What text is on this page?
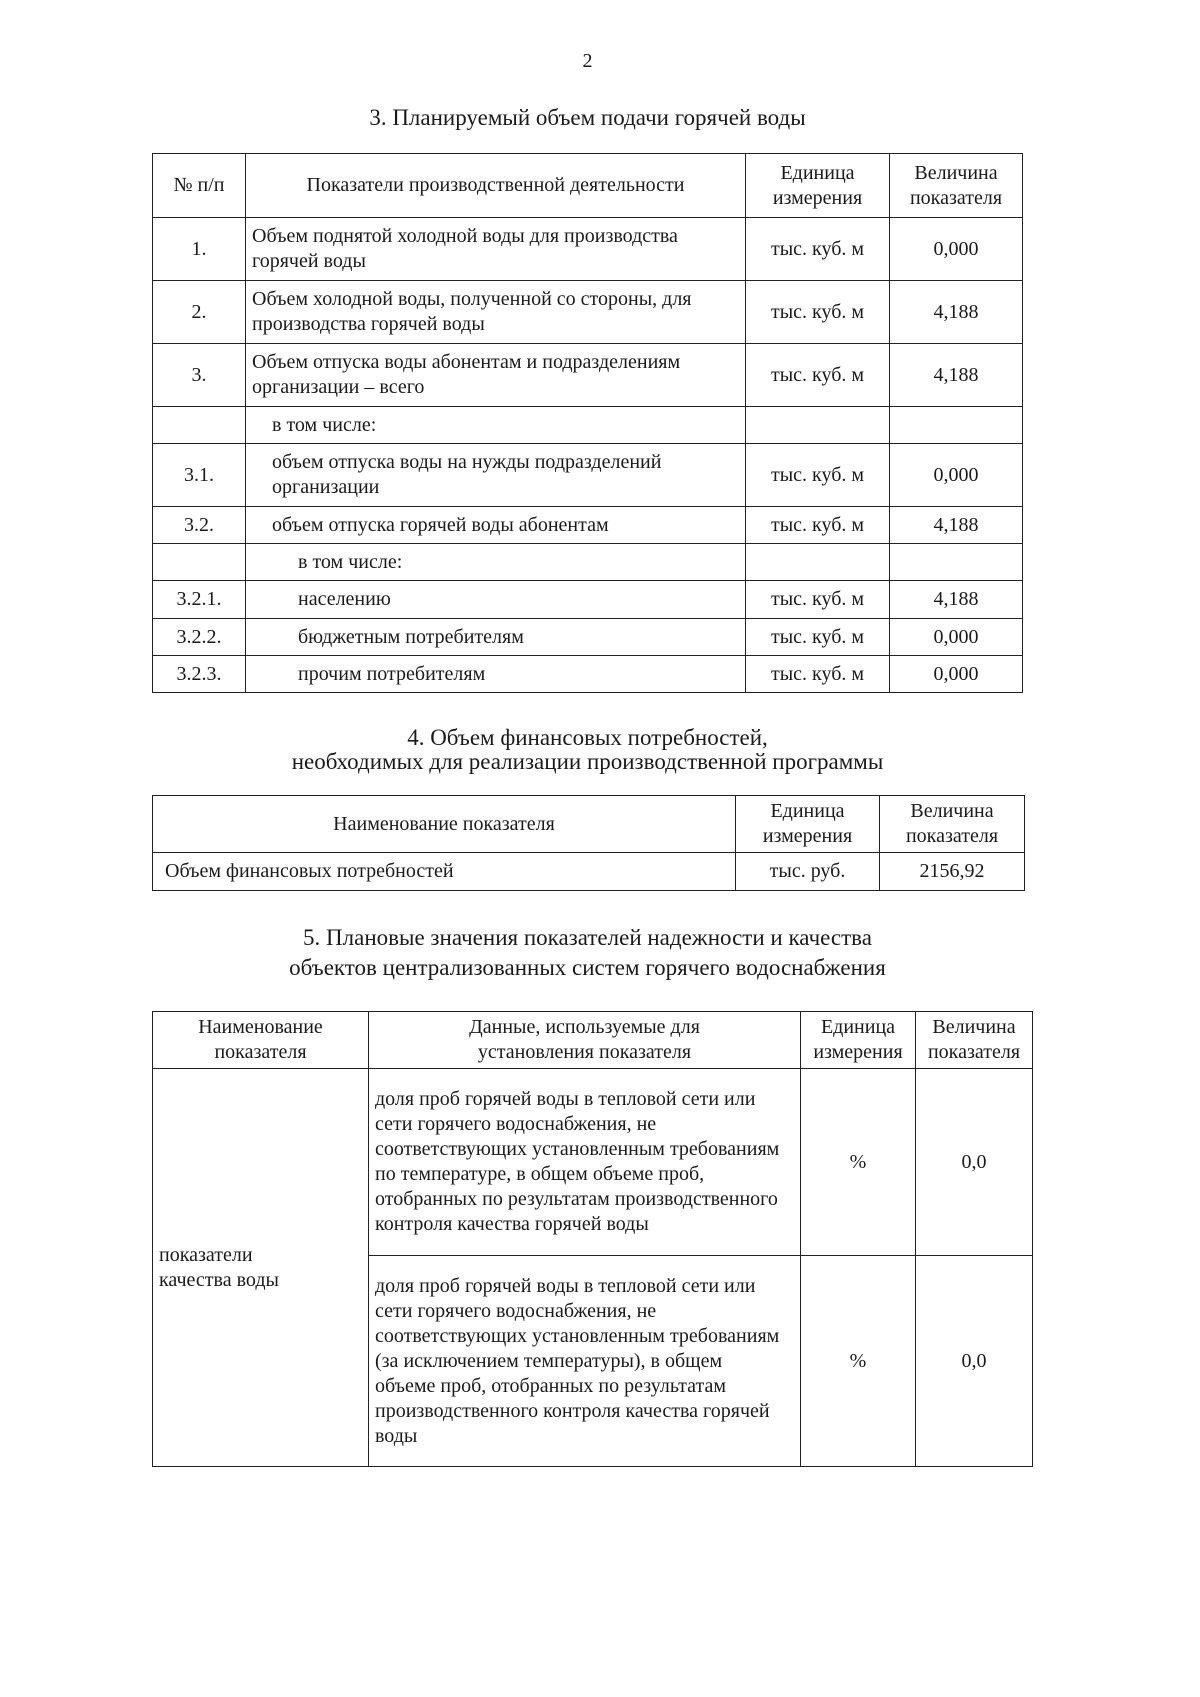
2
3. Планируемый объем подачи горячей воды
№ п/п	Показатели производственной деятельности	Единица измерения	Величина показателя
1.	Объем поднятой холодной воды для производства горячей воды	тыс. куб. м	0,000
2.	Объем холодной воды, полученной со стороны, для производства горячей воды	тыс. куб. м	4,188
3.	Объем отпуска воды абонентам и подразделениям организации – всего	тыс. куб. м	4,188
	в том числе:		
3.1.	объем отпуска воды на нужды подразделений организации	тыс. куб. м	0,000
3.2.	объем отпуска горячей воды абонентам	тыс. куб. м	4,188
	в том числе:		
3.2.1.	населению	тыс. куб. м	4,188
3.2.2.	бюджетным потребителям	тыс. куб. м	0,000
3.2.3.	прочим потребителям	тыс. куб. м	0,000
4. Объем финансовых потребностей,
необходимых для реализации производственной программы
Наименование показателя	Единица измерения	Величина показателя
Объем финансовых потребностей	тыс. руб.	2156,92
5. Плановые значения показателей надежности и качества
объектов централизованных систем горячего водоснабжения
Наименование показателя	Данные, используемые для установления показателя	Единица измерения	Величина показателя
показатели качества воды	доля проб горячей воды в тепловой сети или сети горячего водоснабжения, не соответствующих установленным требованиям по температуре, в общем объеме проб, отобранных по результатам производственного контроля качества горячей воды	%	0,0
	доля проб горячей воды в тепловой сети или сети горячего водоснабжения, не соответствующих установленным требованиям (за исключением температуры), в общем объеме проб, отобранных по результатам производственного контроля качества горячей воды	%	0,0
